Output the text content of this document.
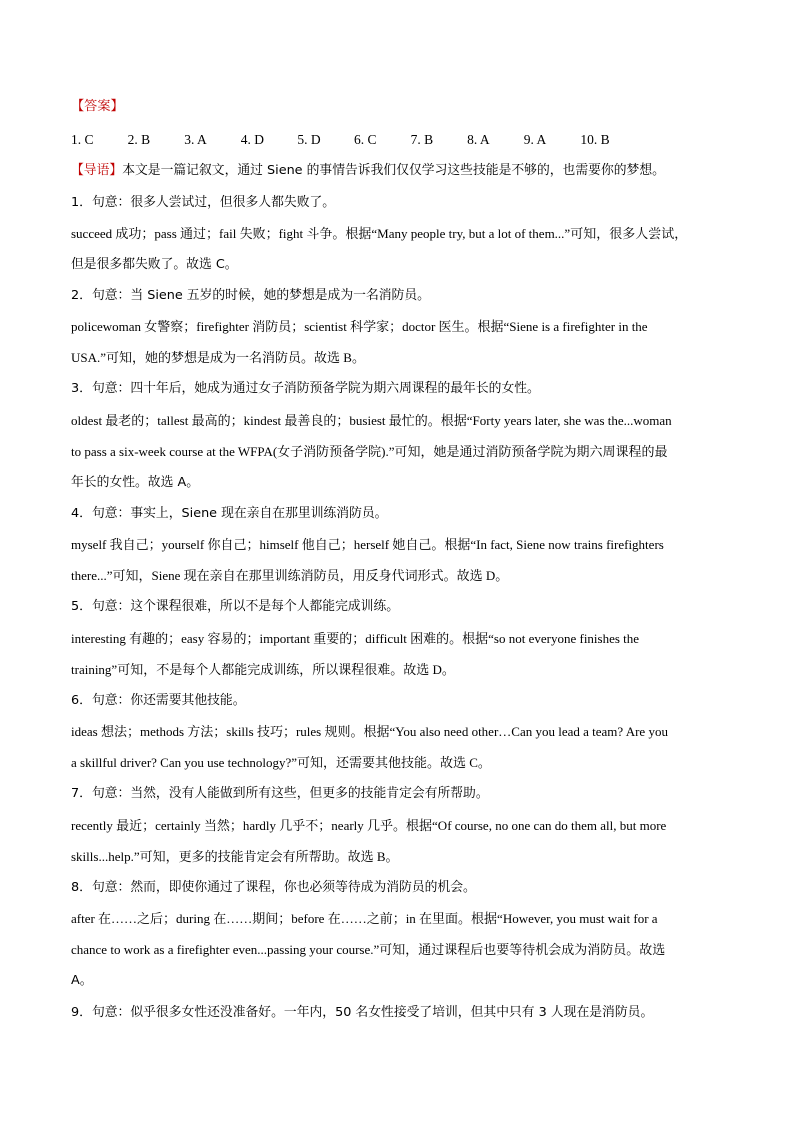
【答案】
1. C	2. B	3. A	4. D 5. D 6. C	7. B	8. A	9. A	10. B
【导语】本文是一篇记叙文，通过 Siene 的事情告诉我们仅仅学习这些技能是不够的，也需要你的梦想。
1．句意：很多人尝试过，但很多人都失败了。
succeed 成功；pass 通过；fail 失败；fight 斗争。根据“Many people try, but a lot of them...”可知，很多人尝试，
但是很多都失败了。故选 C。
2．句意：当 Siene 五岁的时候，她的梦想是成为一名消防员。
policewoman 女警察；firefighter 消防员；scientist 科学家；doctor 医生。根据“Siene is a firefighter in the
USA.”可知，她的梦想是成为一名消防员。故选 B。
3．句意：四十年后，她成为通过女子消防预备学院为期六周课程的最年长的女性。
oldest 最老的；tallest 最高的；kindest 最善良的；busiest 最忙的。根据“Forty years later, she was the...woman
to pass a six-week course at the WFPA(女子消防预备学院).”可知，她是通过消防预备学院为期六周课程的最
年长的女性。故选 A。
4．句意：事实上，Siene 现在亲自在那里训练消防员。
myself 我自己；yourself 你自己；himself 他自己；herself 她自己。根据“In fact, Siene now trains firefighters
there...”可知，Siene 现在亲自在那里训练消防员，用反身代词形式。故选 D。
5．句意：这个课程很难，所以不是每个人都能完成训练。
interesting 有趣的；easy 容易的；important 重要的；difficult 困难的。根据“so not everyone finishes the
training”可知，不是每个人都能完成训练，所以课程很难。故选 D。
6．句意：你还需要其他技能。
ideas 想法；methods 方法；skills 技巧；rules 规则。根据“You also need other…Can you lead a team? Are you
a skillful driver? Can you use technology?”可知，还需要其他技能。故选 C。
7．句意：当然，没有人能做到所有这些，但更多的技能肯定会有所帮助。
recently 最近；certainly 当然；hardly 几乎不；nearly 几乎。根据“Of course, no one can do them all, but more
skills...help.”可知，更多的技能肯定会有所帮助。故选 B。
8．句意：然而，即使你通过了课程，你也必须等待成为消防员的机会。
after 在……之后；during 在……期间；before 在……之前；in 在里面。根据“However, you must wait for a
chance to work as a firefighter even...passing your course.”可知，通过课程后也要等待机会成为消防员。故选
A。
9．句意：似乎很多女性还没准备好。一年内，50 名女性接受了培训，但其中只有 3 人现在是消防员。
